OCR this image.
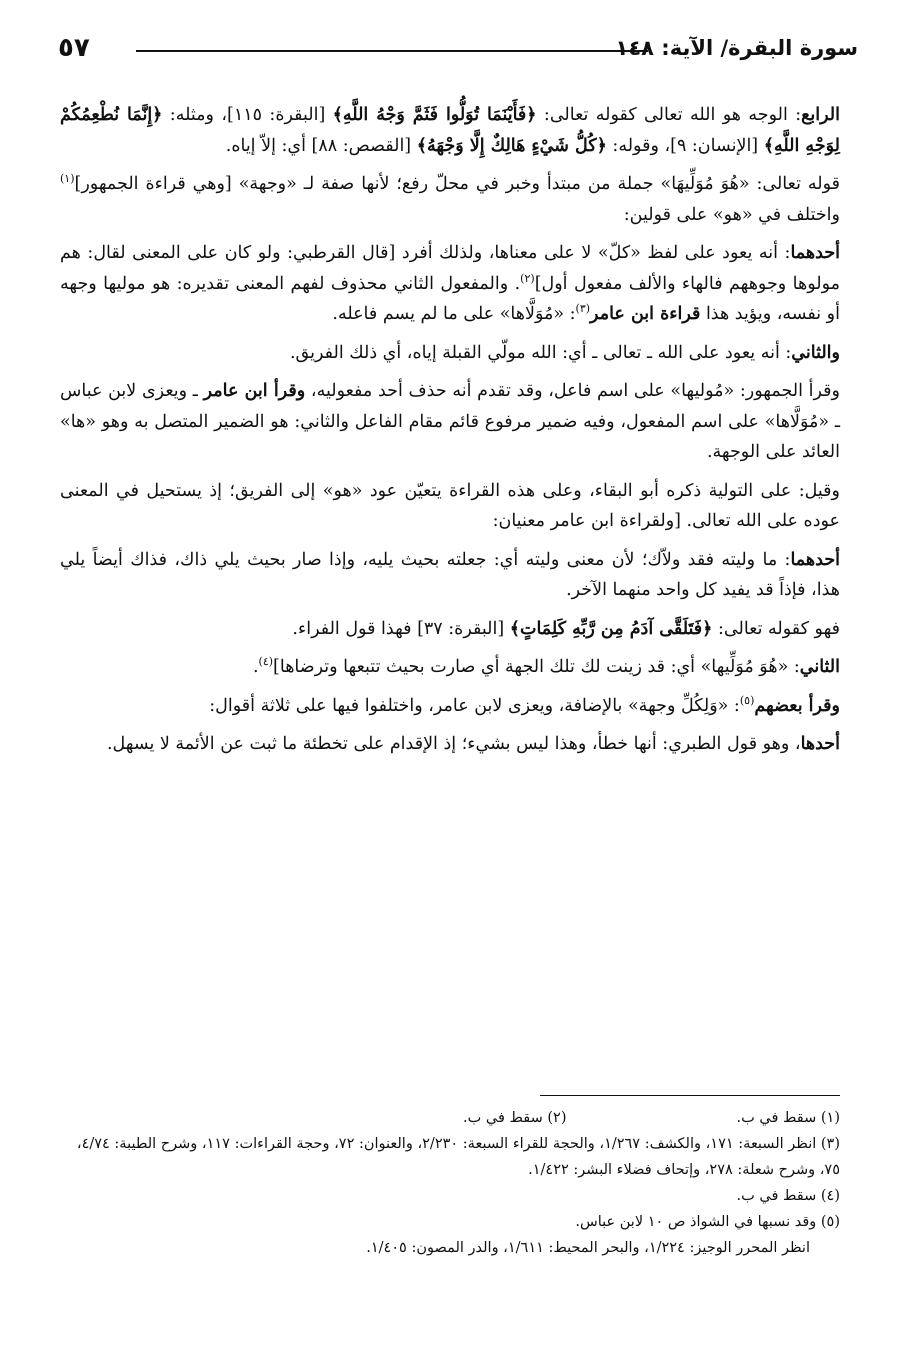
٥٧	سورة البقرة/ الآية: ١٤٨

الرابع: الوجه هو الله تعالى كقوله تعالى: ﴿فَأَيْنَمَا تُوَلُّوا فَثَمَّ وَجْهُ اللَّهِ﴾ [البقرة: ١١٥]، ومثله: ﴿إِنَّمَا نُطْعِمُكُمْ لِوَجْهِ اللَّهِ﴾ [الإنسان: ٩]، وقوله: ﴿كُلُّ شَيْءٍ هَالِكٌ إِلَّا وَجْهَهُ﴾ [القصص: ٨٨] أي: إلاّ إياه.

قوله تعالى: «هُوَ مُوَلِّيهَا» جملة من مبتدأ وخبر في محلّ رفع؛ لأنها صفة لـ «وجهة» [وهي قراءة الجمهور]$^{(١)}$ واختلف في «هو» على قولين:

أحدهما: أنه يعود على لفظ «كلّ» لا على معناها، ولذلك أفرد [قال القرطبي: ولو كان على المعنى لقال: هم مولوها وجوههم فالهاء والألف مفعول أول]$^{(٢)}$. والمفعول الثاني محذوف لفهم المعنى تقديره: هو موليها وجهه أو نفسه، ويؤيد هذا قراءة ابن عامر$^{(٣)}$: «مُوَلَّاها» على ما لم يسم فاعله.

والثاني: أنه يعود على الله ـ تعالى ـ أي: الله مولّي القبلة إياه، أي ذلك الفريق.

وقرأ الجمهور: «مُوليها» على اسم فاعل، وقد تقدم أنه حذف أحد مفعوليه، وقرأ ابن عامر ـ ويعزى لابن عباس ـ «مُوَلَّاها» على اسم المفعول، وفيه ضمير مرفوع قائم مقام الفاعل والثاني: هو الضمير المتصل به وهو «ها» العائد على الوجهة.

وقيل: على التولية ذكره أبو البقاء، وعلى هذه القراءة يتعيّن عود «هو» إلى الفريق؛ إذ يستحيل في المعنى عوده على الله تعالى. [ولقراءة ابن عامر معنيان:

أحدهما: ما وليته فقد ولاّك؛ لأن معنى وليته أي: جعلته بحيث يليه، وإذا صار بحيث يلي ذاك، فذاك أيضاً يلي هذا، فإذاً قد يفيد كل واحد منهما الآخر.

فهو كقوله تعالى: ﴿فَتَلَقَّى آدَمُ مِن رَّبِّهِ كَلِمَاتٍ﴾ [البقرة: ٣٧] فهذا قول الفراء.

الثاني: «هُوَ مُوَلِّيها» أي: قد زينت لك تلك الجهة أي صارت بحيث تتبعها وترضاها]$^{(٤)}$.

وقرأ بعضهم$^{(٥)}$: «وَلِكُلِّ وجهة» بالإضافة، ويعزى لابن عامر، واختلفوا فيها على ثلاثة أقوال:

أحدها، وهو قول الطبري: أنها خطأ، وهذا ليس بشيء؛ إذ الإقدام على تخطئة ما ثبت عن الأئمة لا يسهل.

(١) سقط في ب.
(٢) سقط في ب.

(٣) انظر السبعة: ١٧١، والكشف: ١/٢٦٧، والحجة للقراء السبعة: ٢/٢٣٠، والعنوان: ٧٢، وحجة القراءات: ١١٧، وشرح الطيبة: ٤/٧٤، ٧٥، وشرح شعلة: ٢٧٨، وإتحاف فضلاء البشر: ١/٤٢٢.

(٤) سقط في ب.

(٥) وقد نسبها في الشواذ ص ١٠ لابن عباس.

انظر المحرر الوجيز: ١/٢٢٤، والبحر المحيط: ١/٦١١، والدر المصون: ١/٤٠٥.
